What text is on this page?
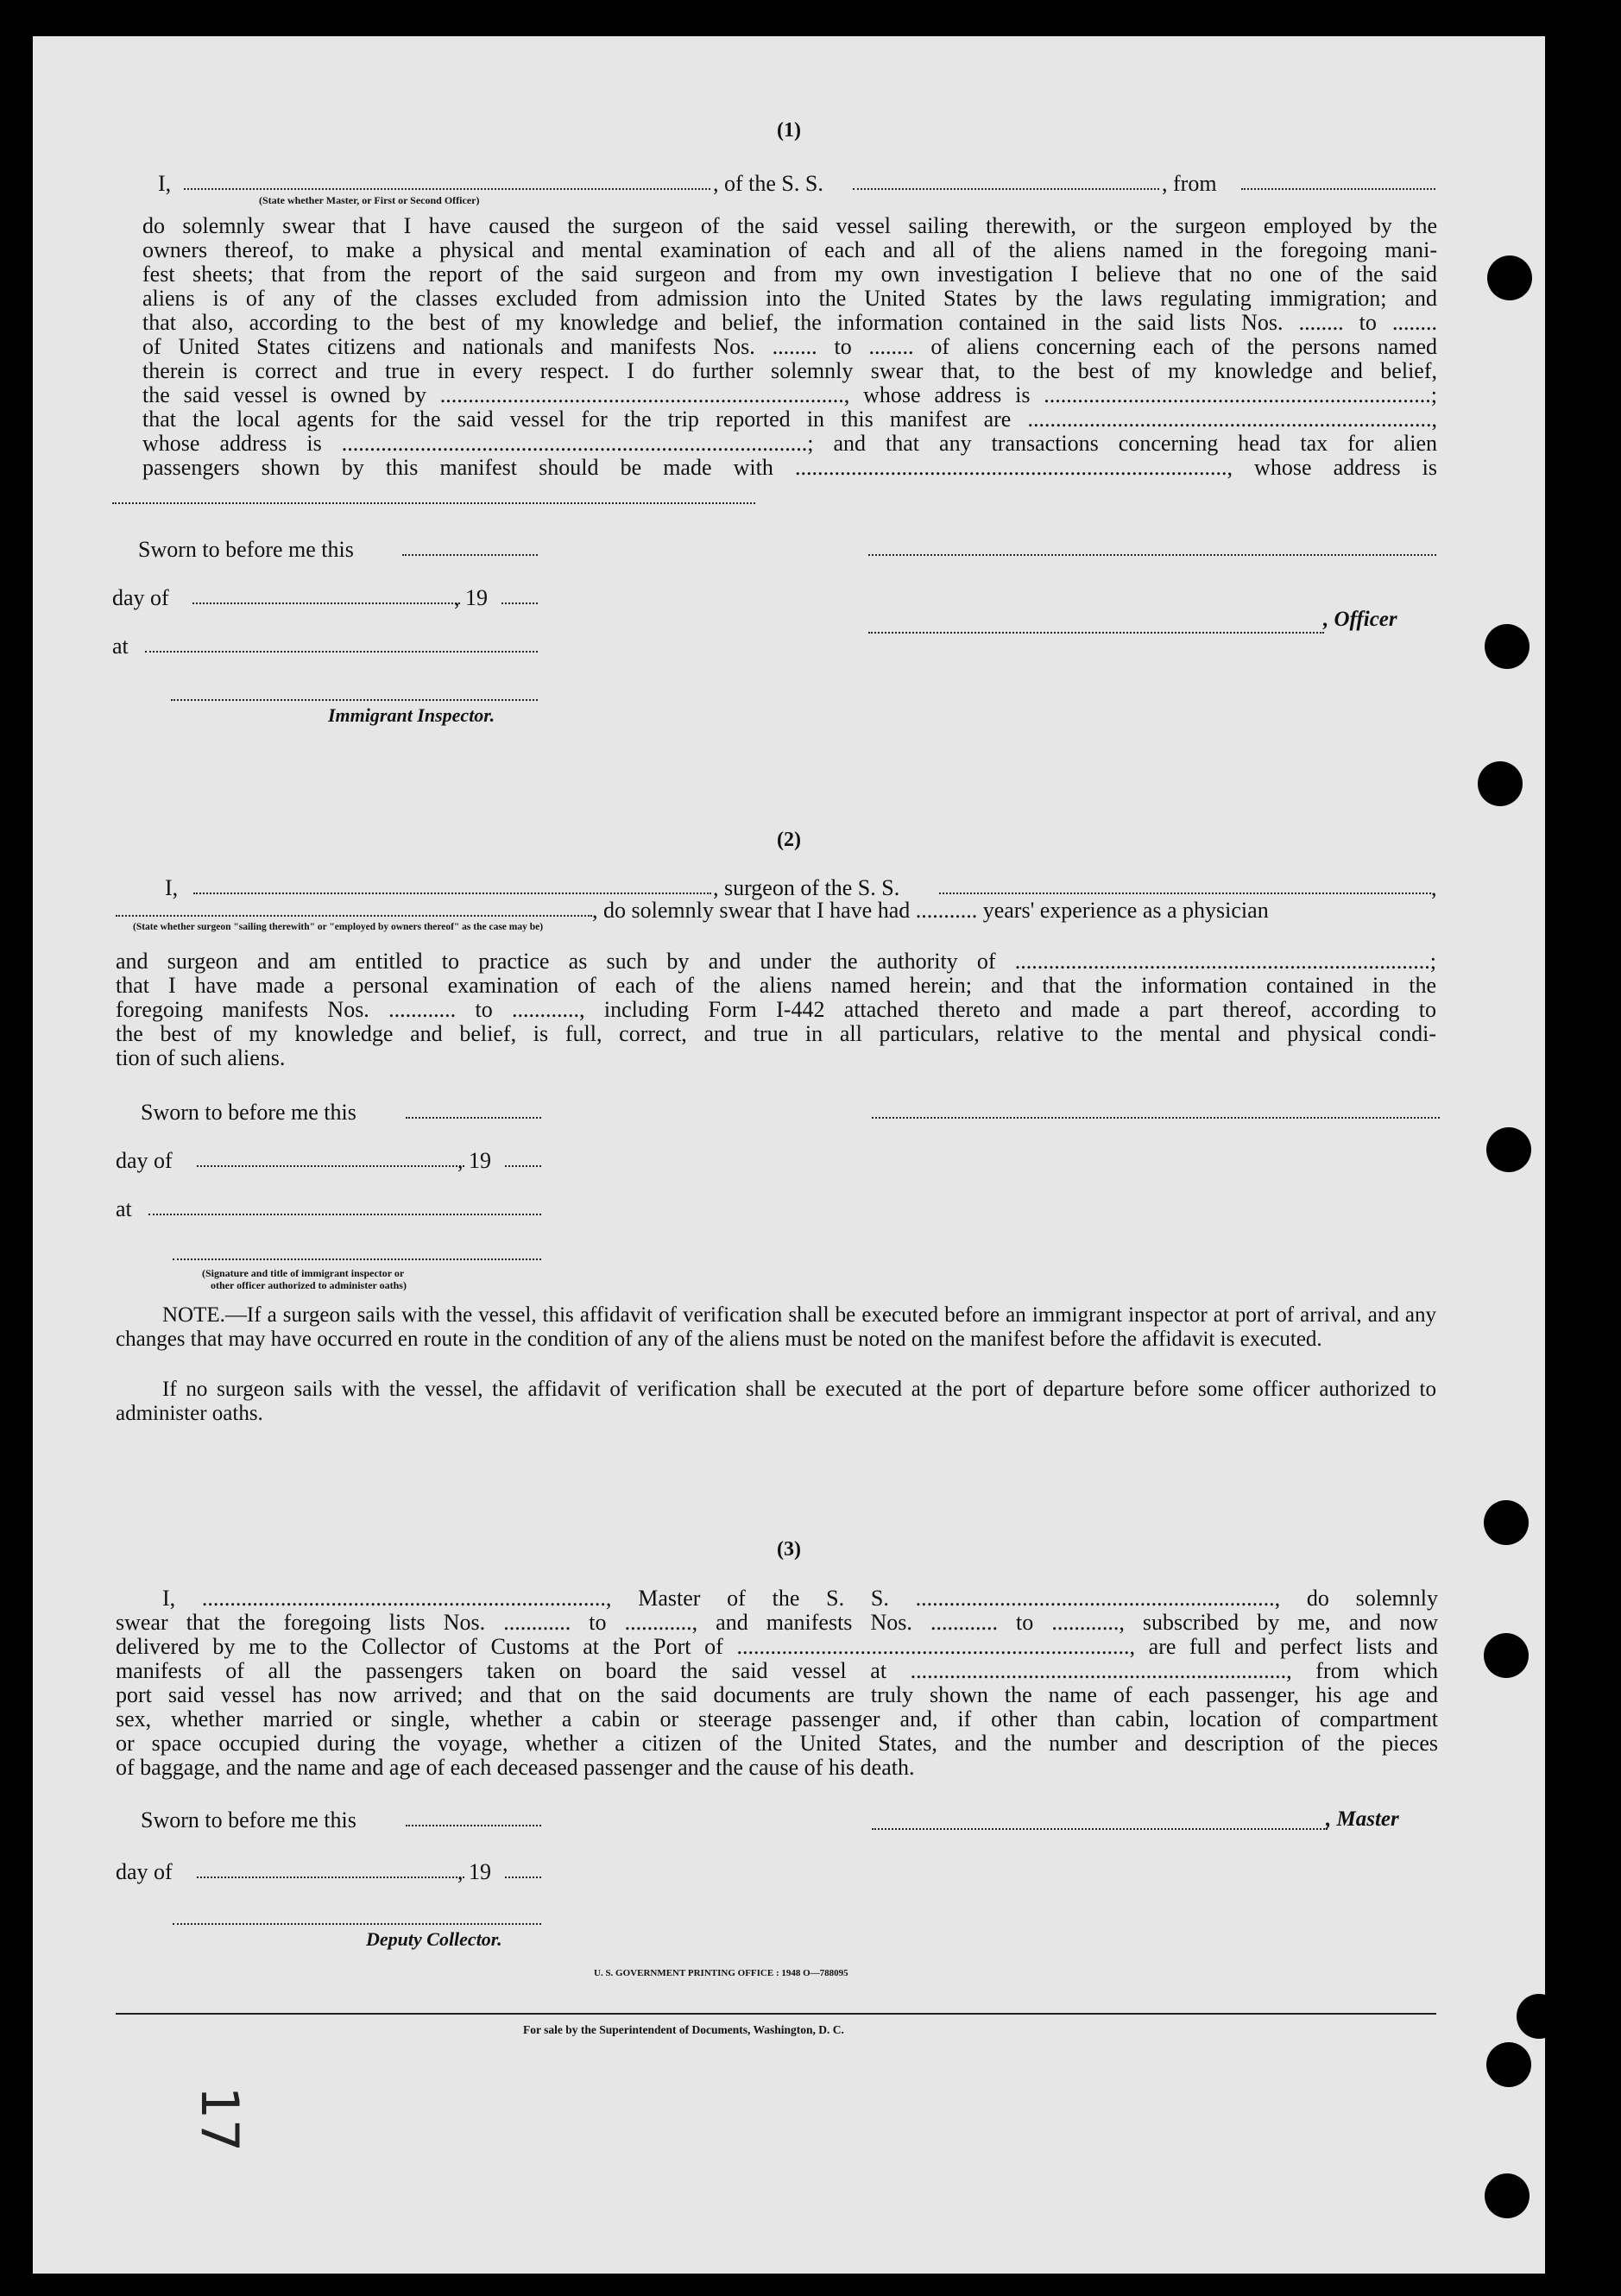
(1)
I,	, of the S. S.	, from
(State whether Master, or First or Second Officer)
do solemnly swear that I have caused the surgeon of the said vessel sailing therewith, or the surgeon employed by the
owners thereof, to make a physical and mental examination of each and all of the aliens named in the foregoing mani-
fest sheets; that from the report of the said surgeon and from my own investigation I believe that no one of the said
aliens is of any of the classes excluded from admission into the United States by the laws regulating immigration; and
that also, according to the best of my knowledge and belief, the information contained in the said lists Nos. ........ to ........
of United States citizens and nationals and manifests Nos. ........ to ........ of aliens concerning each of the persons named
therein is correct and true in every respect. I do further solemnly swear that, to the best of my knowledge and belief,
the said vessel is owned by ........................................................................, whose address is .....................................................................;
that the local agents for the said vessel for the trip reported in this manifest are ........................................................................,
whose address is ...................................................................................; and that any transactions concerning head tax for alien
passengers shown by this manifest should be made with ............................................................................., whose address is
Sworn to before me this
day of	, 19
, Officer
at
Immigrant Inspector.
(2)
I,	, surgeon of the S. S.	,
, do solemnly swear that I have had ........... years' experience as a physician
(State whether surgeon "sailing therewith" or "employed by owners thereof" as the case may be)
and surgeon and am entitled to practice as such by and under the authority of ..........................................................................;
that I have made a personal examination of each of the aliens named herein; and that the information contained in the
foregoing manifests Nos. ............ to ............, including Form I-442 attached thereto and made a part thereof, according to
the best of my knowledge and belief, is full, correct, and true in all particulars, relative to the mental and physical condi-
tion of such aliens.
Sworn to before me this
day of	, 19
at
(Signature and title of immigrant inspector or
other officer authorized to administer oaths)
NOTE.—If a surgeon sails with the vessel, this affidavit of verification shall be executed before an immigrant inspector at port of arrival, and any changes that may have occurred en route in the condition of any of the aliens must be noted on the manifest before the affidavit is executed.
If no surgeon sails with the vessel, the affidavit of verification shall be executed at the port of departure before some officer authorized to administer oaths.
(3)
I, ........................................................................, Master of the S. S. ................................................................, do solemnly
swear that the foregoing lists Nos. ............ to ............, and manifests Nos. ............ to ............, subscribed by me, and now
delivered by me to the Collector of Customs at the Port of ......................................................................, are full and perfect lists and
manifests of all the passengers taken on board the said vessel at ..................................................................., from which
port said vessel has now arrived; and that on the said documents are truly shown the name of each passenger, his age and
sex, whether married or single, whether a cabin or steerage passenger and, if other than cabin, location of compartment
or space occupied during the voyage, whether a citizen of the United States, and the number and description of the pieces
of baggage, and the name and age of each deceased passenger and the cause of his death.
Sworn to before me this	, Master
day of	, 19
Deputy Collector.
U. S. GOVERNMENT PRINTING OFFICE : 1948 O—788095
For sale by the Superintendent of Documents, Washington, D. C.
17
